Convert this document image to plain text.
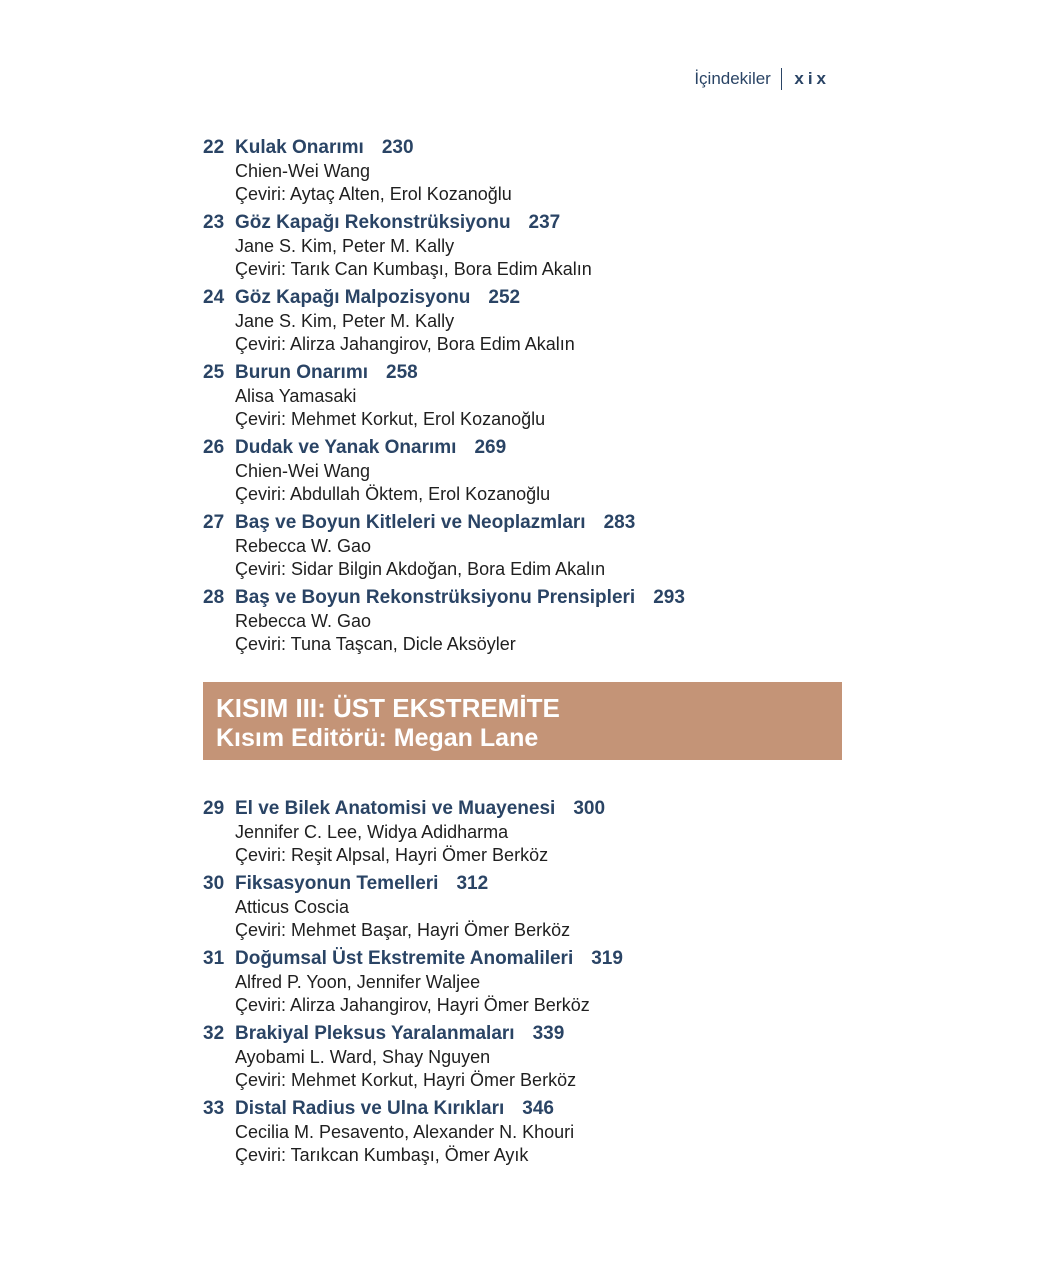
İçindekiler xix
22 Kulak Onarımı 230
Chien-Wei Wang
Çeviri: Aytaç Alten, Erol Kozanoğlu
23 Göz Kapağı Rekonstrüksiyonu 237
Jane S. Kim, Peter M. Kally
Çeviri: Tarık Can Kumbaşı, Bora Edim Akalın
24 Göz Kapağı Malpozisyonu 252
Jane S. Kim, Peter M. Kally
Çeviri: Alirza Jahangirov, Bora Edim Akalın
25 Burun Onarımı 258
Alisa Yamasaki
Çeviri: Mehmet Korkut, Erol Kozanoğlu
26 Dudak ve Yanak Onarımı 269
Chien-Wei Wang
Çeviri: Abdullah Öktem, Erol Kozanoğlu
27 Baş ve Boyun Kitleleri ve Neoplazmları 283
Rebecca W. Gao
Çeviri: Sidar Bilgin Akdoğan, Bora Edim Akalın
28 Baş ve Boyun Rekonstrüksiyonu Prensipleri 293
Rebecca W. Gao
Çeviri: Tuna Taşcan, Dicle Aksöyler
KISIM III: ÜST EKSTREMİTE
Kısım Editörü: Megan Lane
29 El ve Bilek Anatomisi ve Muayenesi 300
Jennifer C. Lee, Widya Adidharma
Çeviri: Reşit Alpsal, Hayri Ömer Berköz
30 Fiksasyonun Temelleri 312
Atticus Coscia
Çeviri: Mehmet Başar, Hayri Ömer Berköz
31 Doğumsal Üst Ekstremite Anomalileri 319
Alfred P. Yoon, Jennifer Waljee
Çeviri: Alirza Jahangirov, Hayri Ömer Berköz
32 Brakiyal Pleksus Yaralanmaları 339
Ayobami L. Ward, Shay Nguyen
Çeviri: Mehmet Korkut, Hayri Ömer Berköz
33 Distal Radius ve Ulna Kırıkları 346
Cecilia M. Pesavento, Alexander N. Khouri
Çeviri: Tarıkcan Kumbaşı, Ömer Ayık
